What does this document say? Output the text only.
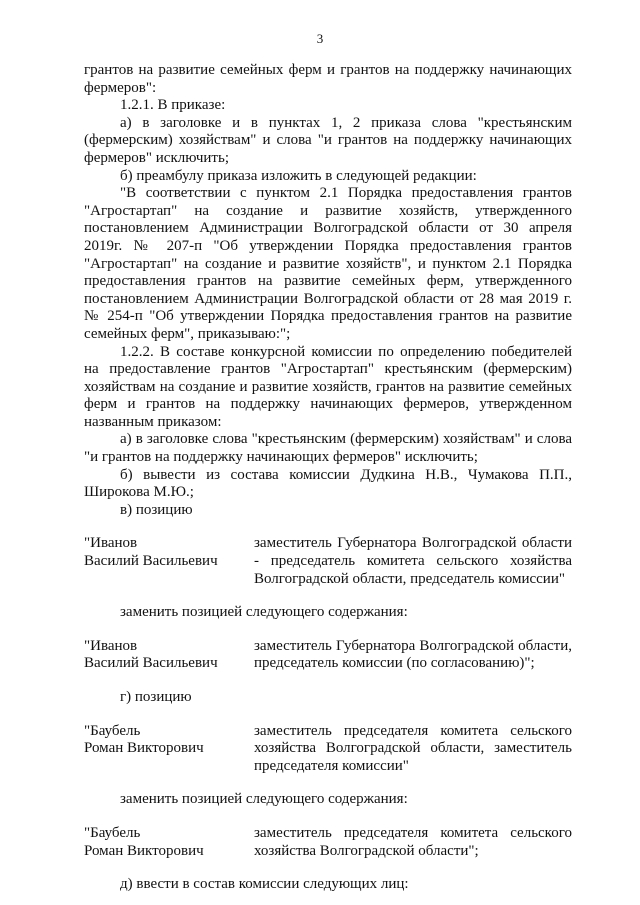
3

грантов на развитие семейных ферм и грантов на поддержку начинающих фермеров":

1.2.1. В приказе:

а) в заголовке и в пунктах 1, 2 приказа слова "крестьянским (фермерским) хозяйствам" и слова "и грантов на поддержку начинающих фермеров" исключить;

б) преамбулу приказа изложить в следующей редакции:

"В соответствии с пунктом 2.1 Порядка предоставления грантов "Агростартап" на создание и развитие хозяйств, утвержденного постановлением Администрации Волгоградской области от 30 апреля 2019г. № 207-п "Об утверждении Порядка предоставления грантов "Агростартап" на создание и развитие хозяйств", и пунктом 2.1 Порядка предоставления грантов на развитие семейных ферм, утвержденного постановлением Администрации Волгоградской области от 28 мая 2019 г. № 254-п "Об утверждении Порядка предоставления грантов на развитие семейных ферм", приказываю:";

1.2.2. В составе конкурсной комиссии по определению победителей на предоставление грантов "Агростартап" крестьянским (фермерским) хозяйствам на создание и развитие хозяйств, грантов на развитие семейных ферм и грантов на поддержку начинающих фермеров, утвержденном названным приказом:

а) в заголовке слова "крестьянским (фермерским) хозяйствам" и слова "и грантов на поддержку начинающих фермеров" исключить;

б) вывести из состава комиссии Дудкина Н.В., Чумакова П.П., Широкова М.Ю.;

в) позицию

"Иванов
Василий Васильевич
заместитель Губернатора Волгоградской области - председатель комитета сельского хозяйства Волгоградской области, председатель комиссии"

заменить позицией следующего содержания:

"Иванов
Василий Васильевич
заместитель Губернатора Волгоградской области, председатель комиссии (по согласованию)";

г) позицию

"Баубель
Роман Викторович
заместитель председателя комитета сельского хозяйства Волгоградской области, заместитель председателя комиссии"

заменить позицией следующего содержания:

"Баубель
Роман Викторович
заместитель председателя комитета сельского хозяйства Волгоградской области";

д) ввести в состав комиссии следующих лиц:
